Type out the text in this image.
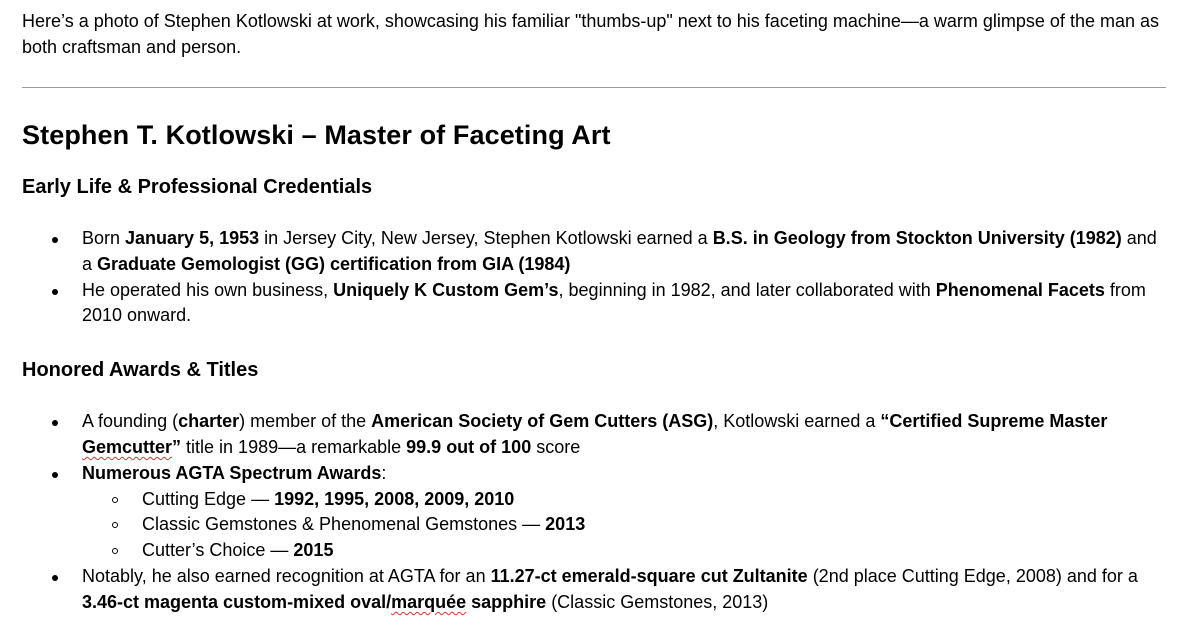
Here’s a photo of Stephen Kotlowski at work, showcasing his familiar "thumbs-up" next to his faceting machine—a warm glimpse of the man as both craftsman and person.

Stephen T. Kotlowski – Master of Faceting Art
Early Life & Professional Credentials
Born January 5, 1953 in Jersey City, New Jersey, Stephen Kotlowski earned a B.S. in Geology from Stockton University (1982) and a Graduate Gemologist (GG) certification from GIA (1984)
He operated his own business, Uniquely K Custom Gem’s, beginning in 1982, and later collaborated with Phenomenal Facets from 2010 onward.
Honored Awards & Titles
A founding (charter) member of the American Society of Gem Cutters (ASG), Kotlowski earned a “Certified Supreme Master Gemcutter” title in 1989—a remarkable 99.9 out of 100 score
Numerous AGTA Spectrum Awards:
Cutting Edge — 1992, 1995, 2008, 2009, 2010
Classic Gemstones & Phenomenal Gemstones — 2013
Cutter’s Choice — 2015
Notably, he also earned recognition at AGTA for an 11.27-ct emerald-square cut Zultanite (2nd place Cutting Edge, 2008) and for a 3.46-ct magenta custom-mixed oval/marquée sapphire (Classic Gemstones, 2013)
